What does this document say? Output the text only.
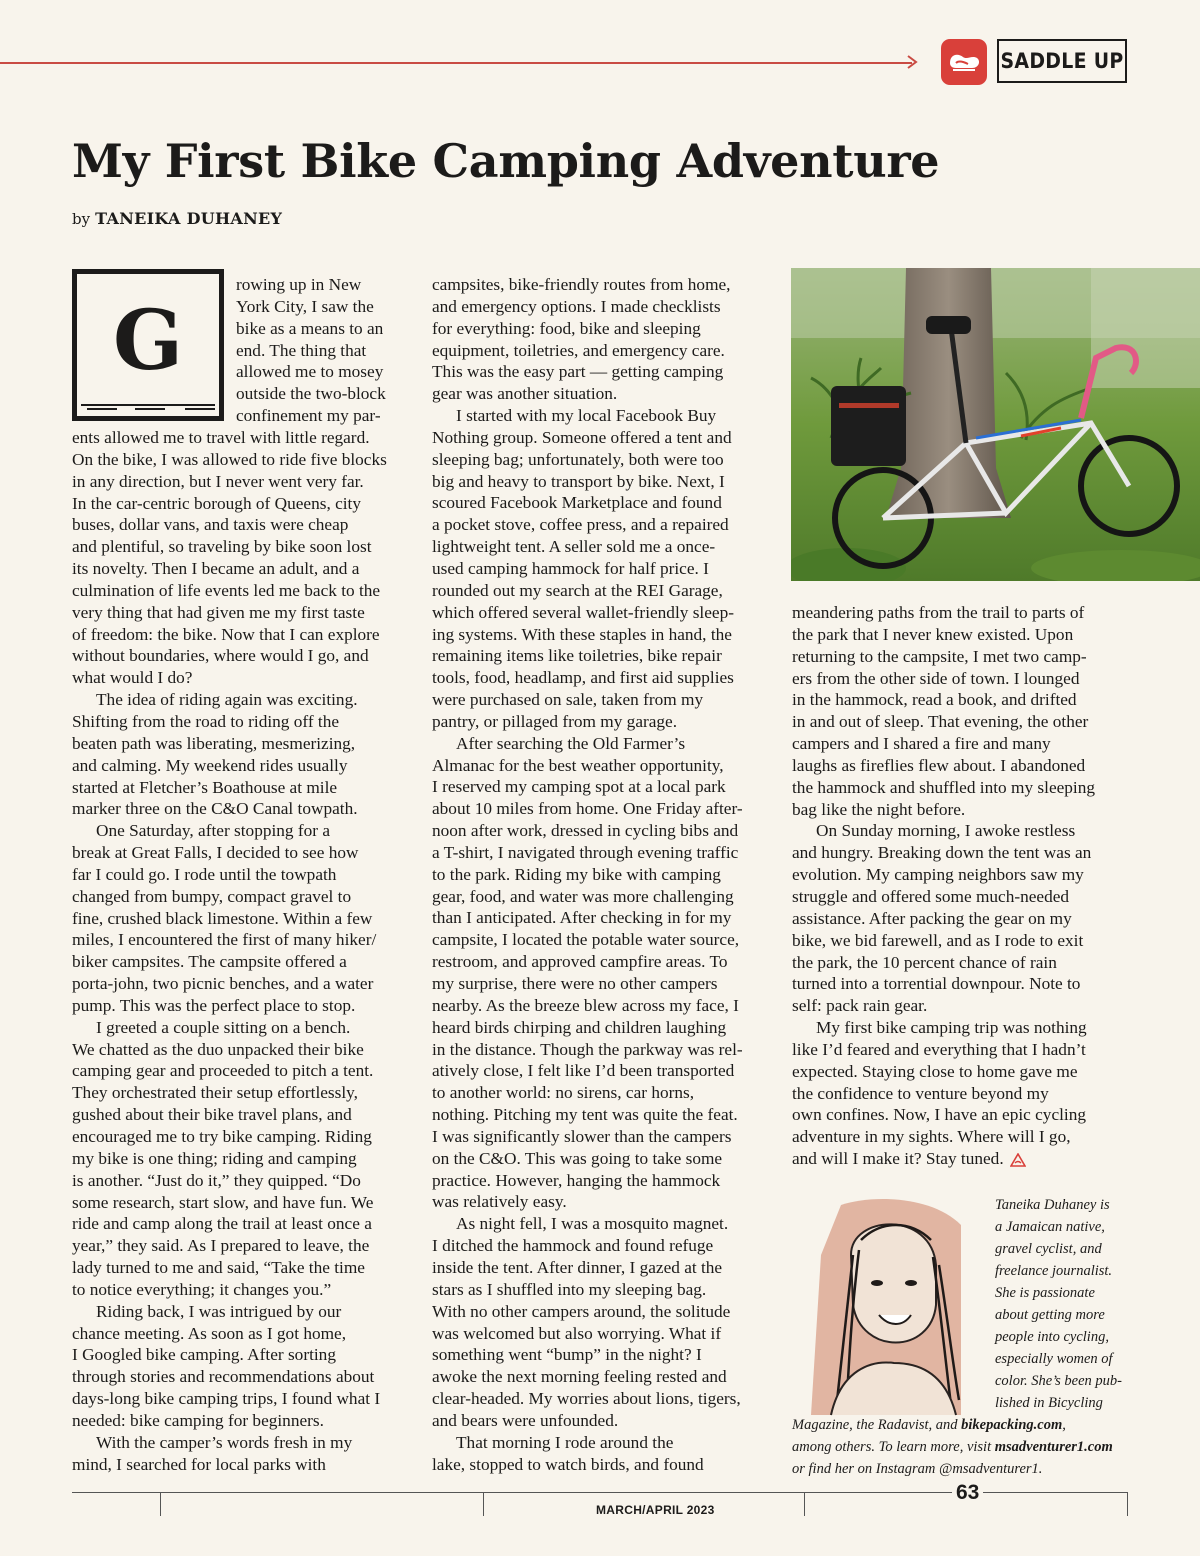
SADDLE UP
My First Bike Camping Adventure
by TANEIKA DUHANEY
G
rowing up in New
York City, I saw the
bike as a means to an
end. The thing that
allowed me to mosey
outside the two-block
confinement my par-
ents allowed me to travel with little regard.
On the bike, I was allowed to ride five blocks
in any direction, but I never went very far.
In the car-centric borough of Queens, city
buses, dollar vans, and taxis were cheap
and plentiful, so traveling by bike soon lost
its novelty. Then I became an adult, and a
culmination of life events led me back to the
very thing that had given me my first taste
of freedom: the bike. Now that I can explore
without boundaries, where would I go, and
what would I do?
The idea of riding again was exciting.
Shifting from the road to riding off the
beaten path was liberating, mesmerizing,
and calming. My weekend rides usually
started at Fletcher’s Boathouse at mile
marker three on the C&O Canal towpath.
One Saturday, after stopping for a
break at Great Falls, I decided to see how
far I could go. I rode until the towpath
changed from bumpy, compact gravel to
fine, crushed black limestone. Within a few
miles, I encountered the first of many hiker/
biker campsites. The campsite offered a
porta-john, two picnic benches, and a water
pump. This was the perfect place to stop.
I greeted a couple sitting on a bench.
We chatted as the duo unpacked their bike
camping gear and proceeded to pitch a tent.
They orchestrated their setup effortlessly,
gushed about their bike travel plans, and
encouraged me to try bike camping. Riding
my bike is one thing; riding and camping
is another. “Just do it,” they quipped. “Do
some research, start slow, and have fun. We
ride and camp along the trail at least once a
year,” they said. As I prepared to leave, the
lady turned to me and said, “Take the time
to notice everything; it changes you.”
Riding back, I was intrigued by our
chance meeting. As soon as I got home,
I Googled bike camping. After sorting
through stories and recommendations about
days-long bike camping trips, I found what I
needed: bike camping for beginners.
With the camper’s words fresh in my
mind, I searched for local parks with
campsites, bike-friendly routes from home,
and emergency options. I made checklists
for everything: food, bike and sleeping
equipment, toiletries, and emergency care.
This was the easy part — getting camping
gear was another situation.
I started with my local Facebook Buy
Nothing group. Someone offered a tent and
sleeping bag; unfortunately, both were too
big and heavy to transport by bike. Next, I
scoured Facebook Marketplace and found
a pocket stove, coffee press, and a repaired
lightweight tent. A seller sold me a once-
used camping hammock for half price. I
rounded out my search at the REI Garage,
which offered several wallet-friendly sleep-
ing systems. With these staples in hand, the
remaining items like toiletries, bike repair
tools, food, headlamp, and first aid supplies
were purchased on sale, taken from my
pantry, or pillaged from my garage.
After searching the Old Farmer’s
Almanac for the best weather opportunity,
I reserved my camping spot at a local park
about 10 miles from home. One Friday after-
noon after work, dressed in cycling bibs and
a T-shirt, I navigated through evening traffic
to the park. Riding my bike with camping
gear, food, and water was more challenging
than I anticipated. After checking in for my
campsite, I located the potable water source,
restroom, and approved campfire areas. To
my surprise, there were no other campers
nearby. As the breeze blew across my face, I
heard birds chirping and children laughing
in the distance. Though the parkway was rel-
atively close, I felt like I’d been transported
to another world: no sirens, car horns,
nothing. Pitching my tent was quite the feat.
I was significantly slower than the campers
on the C&O. This was going to take some
practice. However, hanging the hammock
was relatively easy.
As night fell, I was a mosquito magnet.
I ditched the hammock and found refuge
inside the tent. After dinner, I gazed at the
stars as I shuffled into my sleeping bag.
With no other campers around, the solitude
was welcomed but also worrying. What if
something went “bump” in the night? I
awoke the next morning feeling rested and
clear-headed. My worries about lions, tigers,
and bears were unfounded.
That morning I rode around the
lake, stopped to watch birds, and found
meandering paths from the trail to parts of
the park that I never knew existed. Upon
returning to the campsite, I met two camp-
ers from the other side of town. I lounged
in the hammock, read a book, and drifted
in and out of sleep. That evening, the other
campers and I shared a fire and many
laughs as fireflies flew about. I abandoned
the hammock and shuffled into my sleeping
bag like the night before.
On Sunday morning, I awoke restless
and hungry. Breaking down the tent was an
evolution. My camping neighbors saw my
struggle and offered some much-needed
assistance. After packing the gear on my
bike, we bid farewell, and as I rode to exit
the park, the 10 percent chance of rain
turned into a torrential downpour. Note to
self: pack rain gear.
My first bike camping trip was nothing
like I’d feared and everything that I hadn’t
expected. Staying close to home gave me
the confidence to venture beyond my
own confines. Now, I have an epic cycling
adventure in my sights. Where will I go,
and will I make it? Stay tuned.
Taneika Duhaney is
a Jamaican native,
gravel cyclist, and
freelance journalist.
She is passionate
about getting more
people into cycling,
especially women of
color. She’s been pub-
lished in Bicycling
Magazine, the Radavist, and bikepacking.com,
among others. To learn more, visit msadventurer1.com
or find her on Instagram @msadventurer1.
MARCH/APRIL 2023
63
